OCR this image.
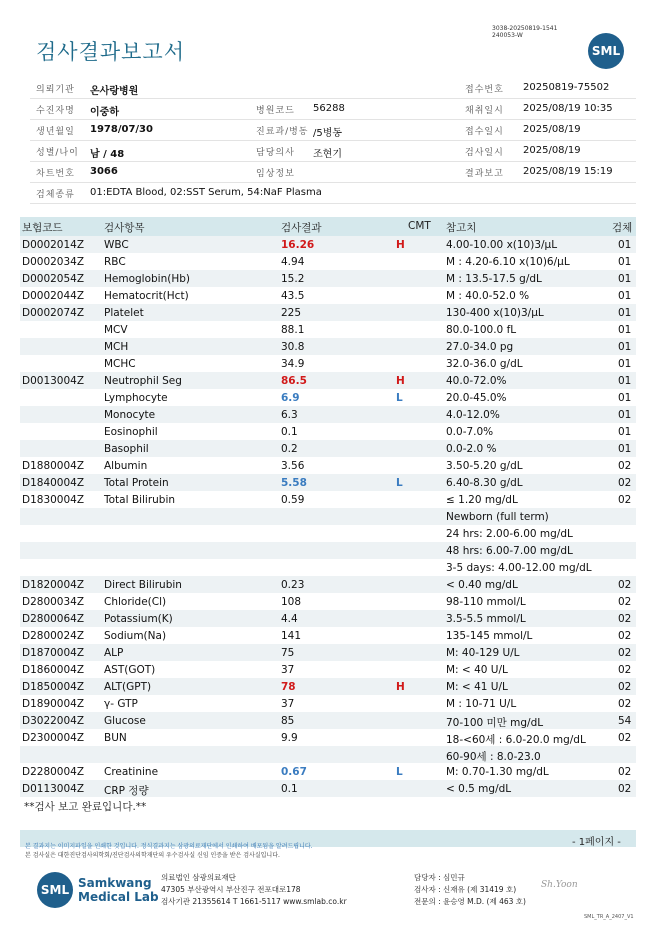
검사결과보고서
3038-20250819-1541
240053-W
SML
의뢰기관 온사랑병원	접수번호 20250819-75502
수진자명 이중하	병원코드 56288	채취일시 2025/08/19 10:35
생년월일 1978/07/30	진료과/병동 /5병동	접수일시 2025/08/19
성별/나이 남 / 48	담당의사 조현기	검사일시 2025/08/19
차트번호 3066	임상정보	결과보고 2025/08/19 15:19
검체종류 01:EDTA Blood, 02:SST Serum, 54:NaF Plasma
보험코드	검사항목	검사결과	CMT 참고치	검체
D0002014Z WBC	16.26	H	4.00-10.00 x(10)3/μL	01
D0002034Z RBC	4.94	M : 4.20-6.10 x(10)6/μL	01
D0002054Z Hemoglobin(Hb)	15.2	M : 13.5-17.5 g/dL	01
D0002044Z Hematocrit(Hct)	43.5	M : 40.0-52.0 %	01
D0002074Z Platelet	225	130-400 x(10)3/μL	01
MCV	88.1	80.0-100.0 fL	01
MCH	30.8	27.0-34.0 pg	01
MCHC	34.9	32.0-36.0 g/dL	01
D0013004Z Neutrophil Seg	86.5	H	40.0-72.0%	01
Lymphocyte	6.9	L	20.0-45.0%	01
Monocyte	6.3	4.0-12.0%	01
Eosinophil	0.1	0.0-7.0%	01
Basophil	0.2	0.0-2.0 %	01
D1880004Z Albumin	3.56	3.50-5.20 g/dL	02
D1840004Z Total Protein	5.58	L	6.40-8.30 g/dL	02
D1830004Z Total Bilirubin	0.59	≤ 1.20 mg/dL	02
Newborn (full term)
24 hrs: 2.00-6.00 mg/dL
48 hrs: 6.00-7.00 mg/dL
3-5 days: 4.00-12.00 mg/dL
D1820004Z Direct Bilirubin	0.23	< 0.40 mg/dL	02
D2800034Z Chloride(Cl)	108	98-110 mmol/L	02
D2800064Z Potassium(K)	4.4	3.5-5.5 mmol/L	02
D2800024Z Sodium(Na)	141	135-145 mmol/L	02
D1870004Z ALP	75	M: 40-129 U/L	02
D1860004Z AST(GOT)	37	M: < 40 U/L	02
D1850004Z ALT(GPT)	78	H	M: < 41 U/L	02
D1890004Z γ- GTP	37	M : 10-71 U/L	02
D3022004Z Glucose	85	70-100 미만 mg/dL	54
D2300004Z BUN	9.9	18-<60세 : 6.0-20.0 mg/dL	02
60-90세 : 8.0-23.0
D2280004Z Creatinine	0.67	L	M: 0.70-1.30 mg/dL	02
D0113004Z CRP 정량	0.1	< 0.5 mg/dL	02
**검사 보고 완료입니다.**
- 1페이지 -
본 결과지는 이미지파일을 인쇄한 것입니다. 정식결과지는 삼광의료재단에서 인쇄하여 배포됨을 알려드립니다.
본 검사실은 대한진단검사의학회/진단검사의학재단의 우수검사실 신임 인증을 받은 검사실입니다.
SML Samkwang
Medical Lab
의료법인 삼광의료재단
47305 부산광역시 부산진구 전포대로178
검사기관 21355614 T 1661-5117 www.smlab.co.kr
담당자 : 심민규
검사자 : 신재유 (제 31419 호)
전문의 : 윤승영 M.D. (제 463 호)
Sh.Yoon
SML_TR_A_2407_V1
